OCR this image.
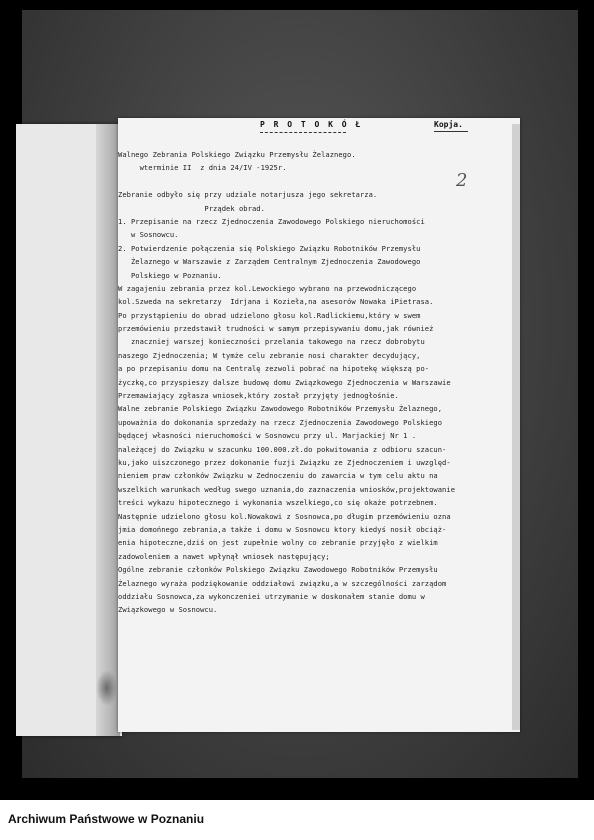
P R O T O K Ó Ł	Kopja.
2
Walnego Zebrania Polskiego Związku Przemysłu Żelaznego.
wterminie II  z dnia 24/IV -1925r.
Zebranie odbyło się przy udziale notarjusza jego sekretarza.
Prządek obrad.
1. Przepisanie na rzecz Zjednoczenia Zawodowego Polskiego nieruchomości
w Sosnowcu.
2. Potwierdzenie połączenia się Polskiego Związku Robotników Przemysłu
Żelaznego w Warszawie z Zarządem Centralnym Zjednoczenia Zawodowego
Polskiego w Poznaniu.
W zagajeniu zebrania przez kol.Lewockiego wybrano na przewodniczącego
kol.Szweda na sekretarzy  Idrjana i Kozieła,na asesorów Nowaka iPietrasa.
Po przystąpieniu do obrad udzielono głosu kol.Radlickiemu,który w swem
przemówieniu przedstawił trudności w samym przepisywaniu domu,jak również
znaczniej warszej konieczności przelania takowego na rzecz dobrobytu
naszego Zjednoczenia; W tymże celu zebranie nosi charakter decydujący,
a po przepisaniu domu na Centralę zezwoli pobrać na hipotekę większą po-
życzkę,co przyspieszy dalsze budowę domu Związkowego Zjednoczenia w Warszawie
Przemawiający zgłasza wniosek,który został przyjęty jednogłośnie.
Walne zebranie Polskiego Związku Zawodowego Robotników Przemysłu Żelaznego,
upoważnia do dokonania sprzedaży na rzecz Zjednoczenia Zawodowego Polskiego
będącej własności nieruchomości w Sosnowcu przy ul. Marjackiej Nr 1 .
należącej do Związku w szacunku 100.000.zł.do pokwitowania z odbioru szacun-
ku,jako uiszczonego przez dokonanie fuzji Związku ze Zjednoczeniem i uwzględ-
nieniem praw członków Związku w Zednoczeniu do zawarcia w tym celu aktu na
wszelkich warunkach według swego uznania,do zaznaczenia wniosków,projektowanie
treści wykazu hipotecznego i wykonania wszelkiego,co się okaże potrzebnem.
Następnie udzielono głosu kol.Nowakowi z Sosnowca,po długim przemówieniu ozna
jmia domońnego zebrania,a także i domu w Sosnowcu ktory kiedyś nosił obciąż-
enia hipoteczne,dziś on jest zupełnie wolny co zebranie przyjęło z wielkim
zadowoleniem a nawet wpłynął wniosek następujący;
Ogólne zebranie członków Polskiego Związku Zawodowego Robotników Przemysłu
Żelaznego wyraża podziękowanie oddziałowi związku,a w szczególności zarządom
oddziału Sosnowca,za wykonczeniei utrzymanie w doskonałem stanie domu w
Związkowego w Sosnowcu.
Archiwum Państwowe w Poznaniu
